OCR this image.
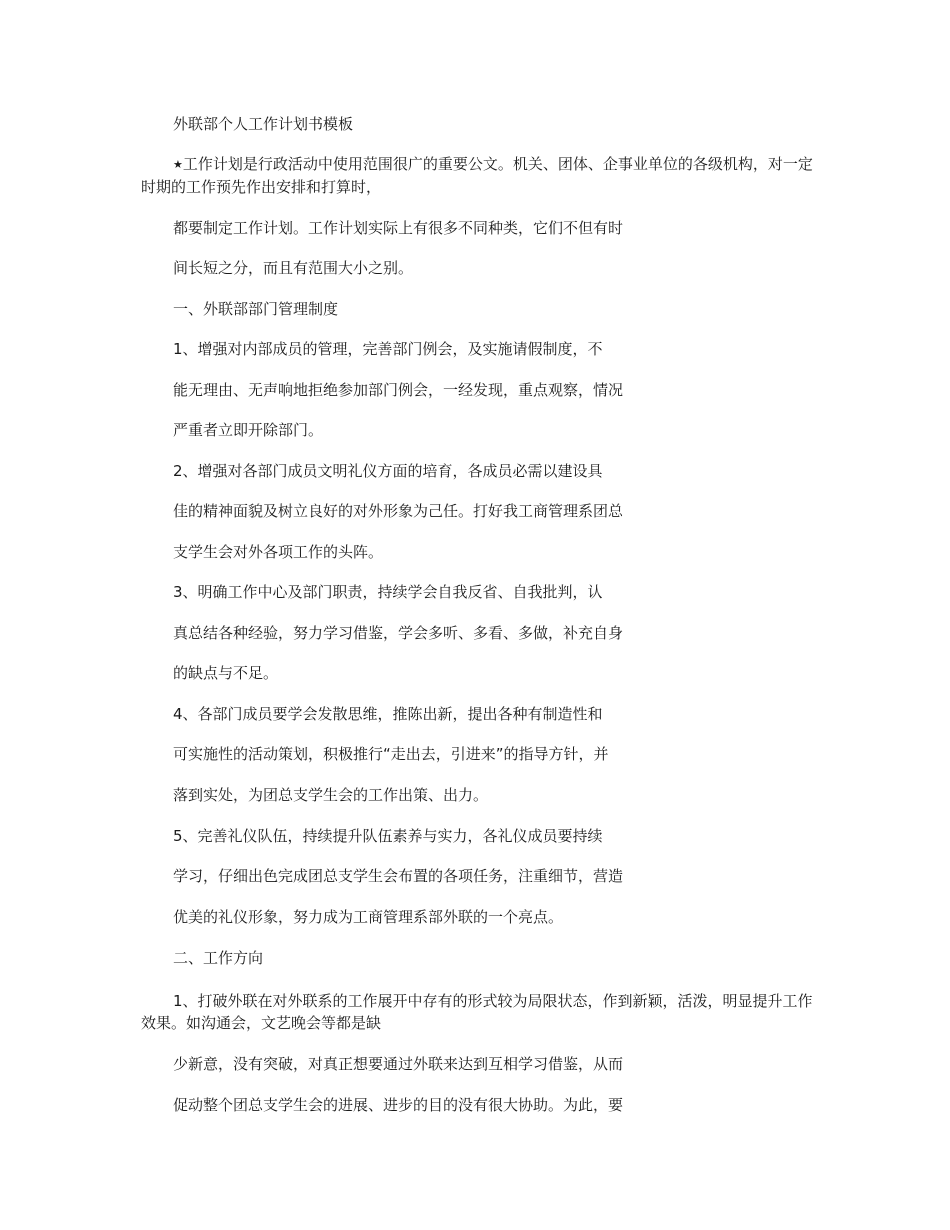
外联部个人工作计划书模板
★工作计划是行政活动中使用范围很广的重要公文。机关、团体、企事业单位的各级机构，对一定时期的工作预先作出安排和打算时，
都要制定工作计划。工作计划实际上有很多不同种类，它们不但有时
间长短之分，而且有范围大小之别。
一、外联部部门管理制度
1、增强对内部成员的管理，完善部门例会，及实施请假制度，不
能无理由、无声响地拒绝参加部门例会，一经发现，重点观察，情况
严重者立即开除部门。
2、增强对各部门成员文明礼仪方面的培育，各成员必需以建设具
佳的精神面貌及树立良好的对外形象为己任。打好我工商管理系团总
支学生会对外各项工作的头阵。
3、明确工作中心及部门职责，持续学会自我反省、自我批判，认
真总结各种经验，努力学习借鉴，学会多听、多看、多做，补充自身
的缺点与不足。
4、各部门成员要学会发散思维，推陈出新，提出各种有制造性和
可实施性的活动策划，积极推行“走出去，引进来”的指导方针，并
落到实处，为团总支学生会的工作出策、出力。
5、完善礼仪队伍，持续提升队伍素养与实力，各礼仪成员要持续
学习，仔细出色完成团总支学生会布置的各项任务，注重细节，营造
优美的礼仪形象，努力成为工商管理系部外联的一个亮点。
二、工作方向
1、打破外联在对外联系的工作展开中存有的形式较为局限状态，作到新颖，活泼，明显提升工作效果。如沟通会，文艺晚会等都是缺
少新意，没有突破，对真正想要通过外联来达到互相学习借鉴，从而
促动整个团总支学生会的进展、进步的目的没有很大协助。为此，要
